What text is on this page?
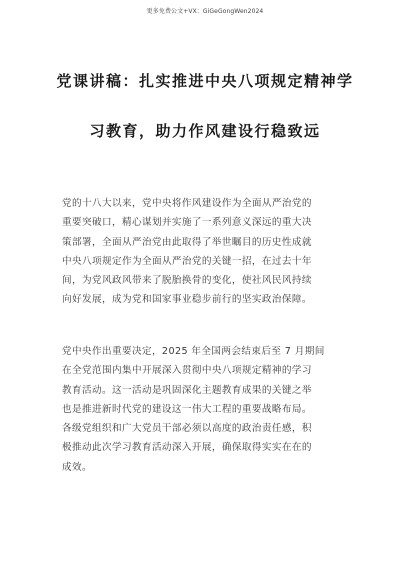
更多免费公文+VX：GiGeGongWen2024
党课讲稿：扎实推进中央八项规定精神学
习教育，助力作风建设行稳致远

党的十八大以来，党中央将作风建设作为全面从严治党的
重要突破口，精心谋划并实施了一系列意义深远的重大决
策部署，全面从严治党由此取得了举世瞩目的历史性成就
中央八项规定作为全面从严治党的关键一招，在过去十年
间，为党风政风带来了脱胎换骨的变化，使社风民风持续
向好发展，成为党和国家事业稳步前行的坚实政治保障。

党中央作出重要决定，2025 年全国两会结束后至 7 月期间
在全党范围内集中开展深入贯彻中央八项规定精神的学习
教育活动。这一活动是巩固深化主题教育成果的关键之举
也是推进新时代党的建设这一伟大工程的重要战略布局。
各级党组织和广大党员干部必须以高度的政治责任感，积
极推动此次学习教育活动深入开展，确保取得实实在在的
成效。
